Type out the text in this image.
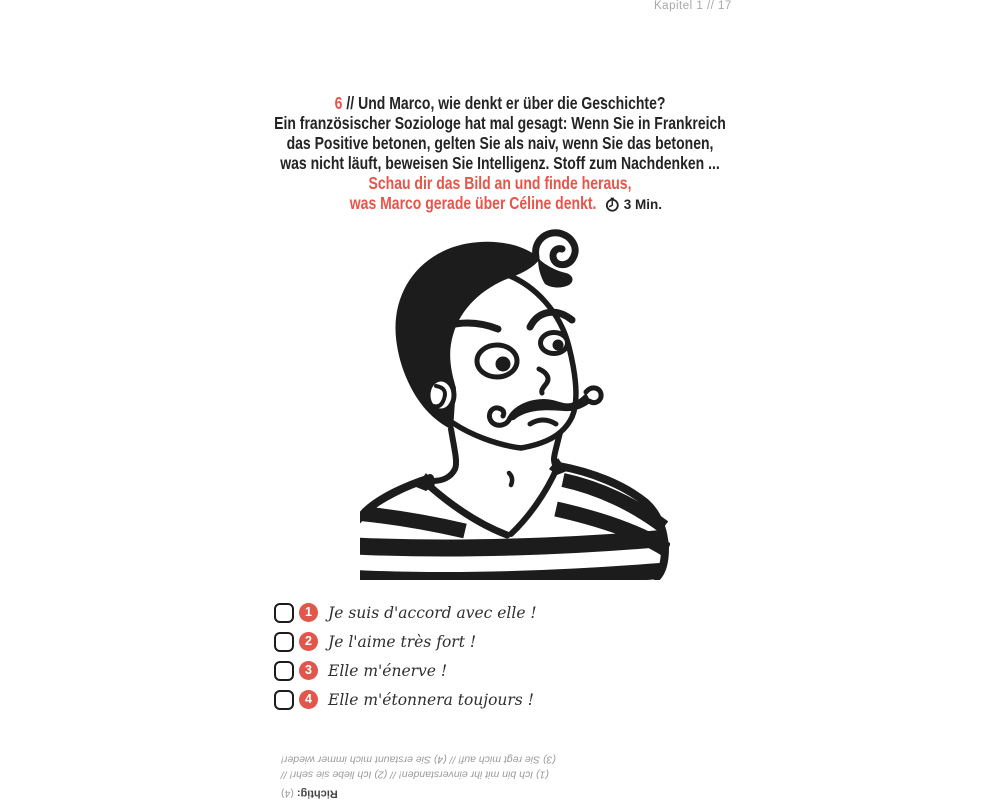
Kapitel 1 // 17
6 // Und Marco, wie denkt er über die Geschichte?
Ein französischer Soziologe hat mal gesagt: Wenn Sie in Frankreich
das Positive betonen, gelten Sie als naiv, wenn Sie das betonen,
was nicht läuft, beweisen Sie Intelligenz. Stoff zum Nachdenken ...
Schau dir das Bild an und finde heraus,
was Marco gerade über Céline denkt. 3 Min.
1	Je suis d'accord avec elle !
2	Je l'aime très fort !
3	Elle m'énerve !
4	Elle m'étonnera toujours !
Richtig:(4)
(1) Ich bin mit ihr einverstanden! // (2) Ich liebe sie sehr! //
(3) Sie regt mich auf! // (4) Sie erstaunt mich immer wieder!
